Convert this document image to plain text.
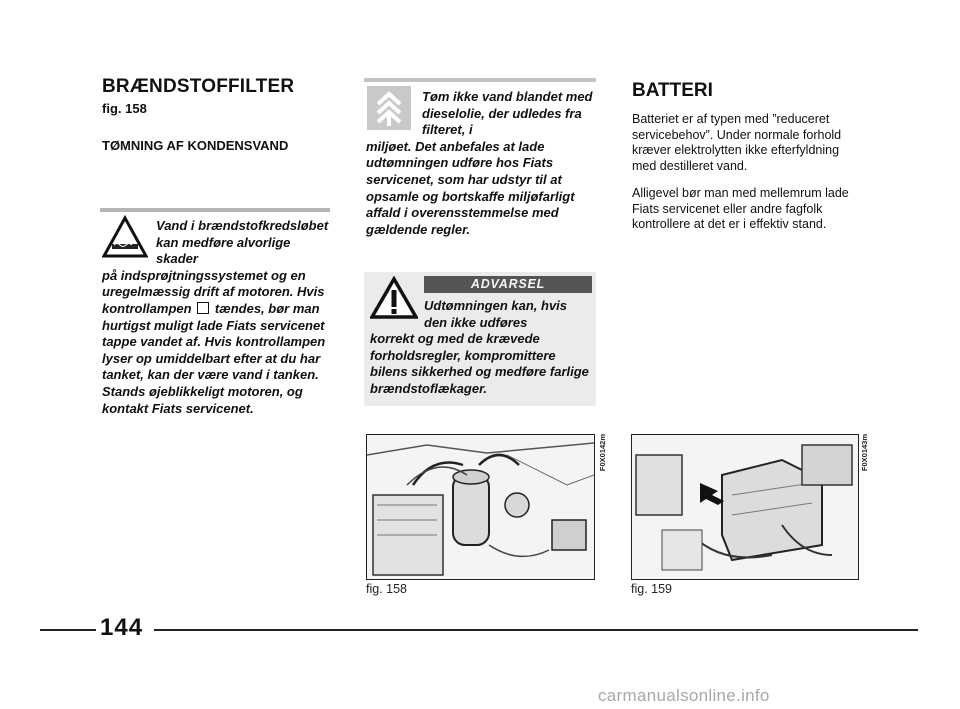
BRÆNDSTOFFILTER
fig. 158
TØMNING AF KONDENSVAND
Vand i brændstofkredsløbet kan medføre alvorlige skader
på indsprøjtningssystemet og en uregelmæssig drift af motoren. Hvis kontrollampen tændes, bør man hurtigst muligt lade Fiats servicenet tappe vandet af. Hvis kontrollampen lyser op umiddelbart efter at du har tanket, kan der være vand i tanken. Stands øjeblikkeligt motoren, og kontakt Fiats servicenet.
Tøm ikke vand blandet med dieselolie, der udledes fra filteret, i
miljøet. Det anbefales at lade udtømningen udføre hos Fiats servicenet, som har udstyr til at opsamle og bortskaffe miljøfarligt affald i overensstemmelse med gældende regler.
ADVARSEL
Udtømningen kan, hvis den ikke udføres
korrekt og med de krævede forholdsregler, kompromittere bilens sikkerhed og medføre farlige brændstoflækager.
BATTERI
Batteriet er af typen med ”reduceret servicebehov”. Under normale forhold kræver elektrolytten ikke efterfyldning med destilleret vand.
Alligevel bør man med mellemrum lade Fiats servicenet eller andre fagfolk kontrollere at det er i effektiv stand.
F0X0142m
fig. 158
F0X0143m
fig. 159
144
carmanualsonline.info
